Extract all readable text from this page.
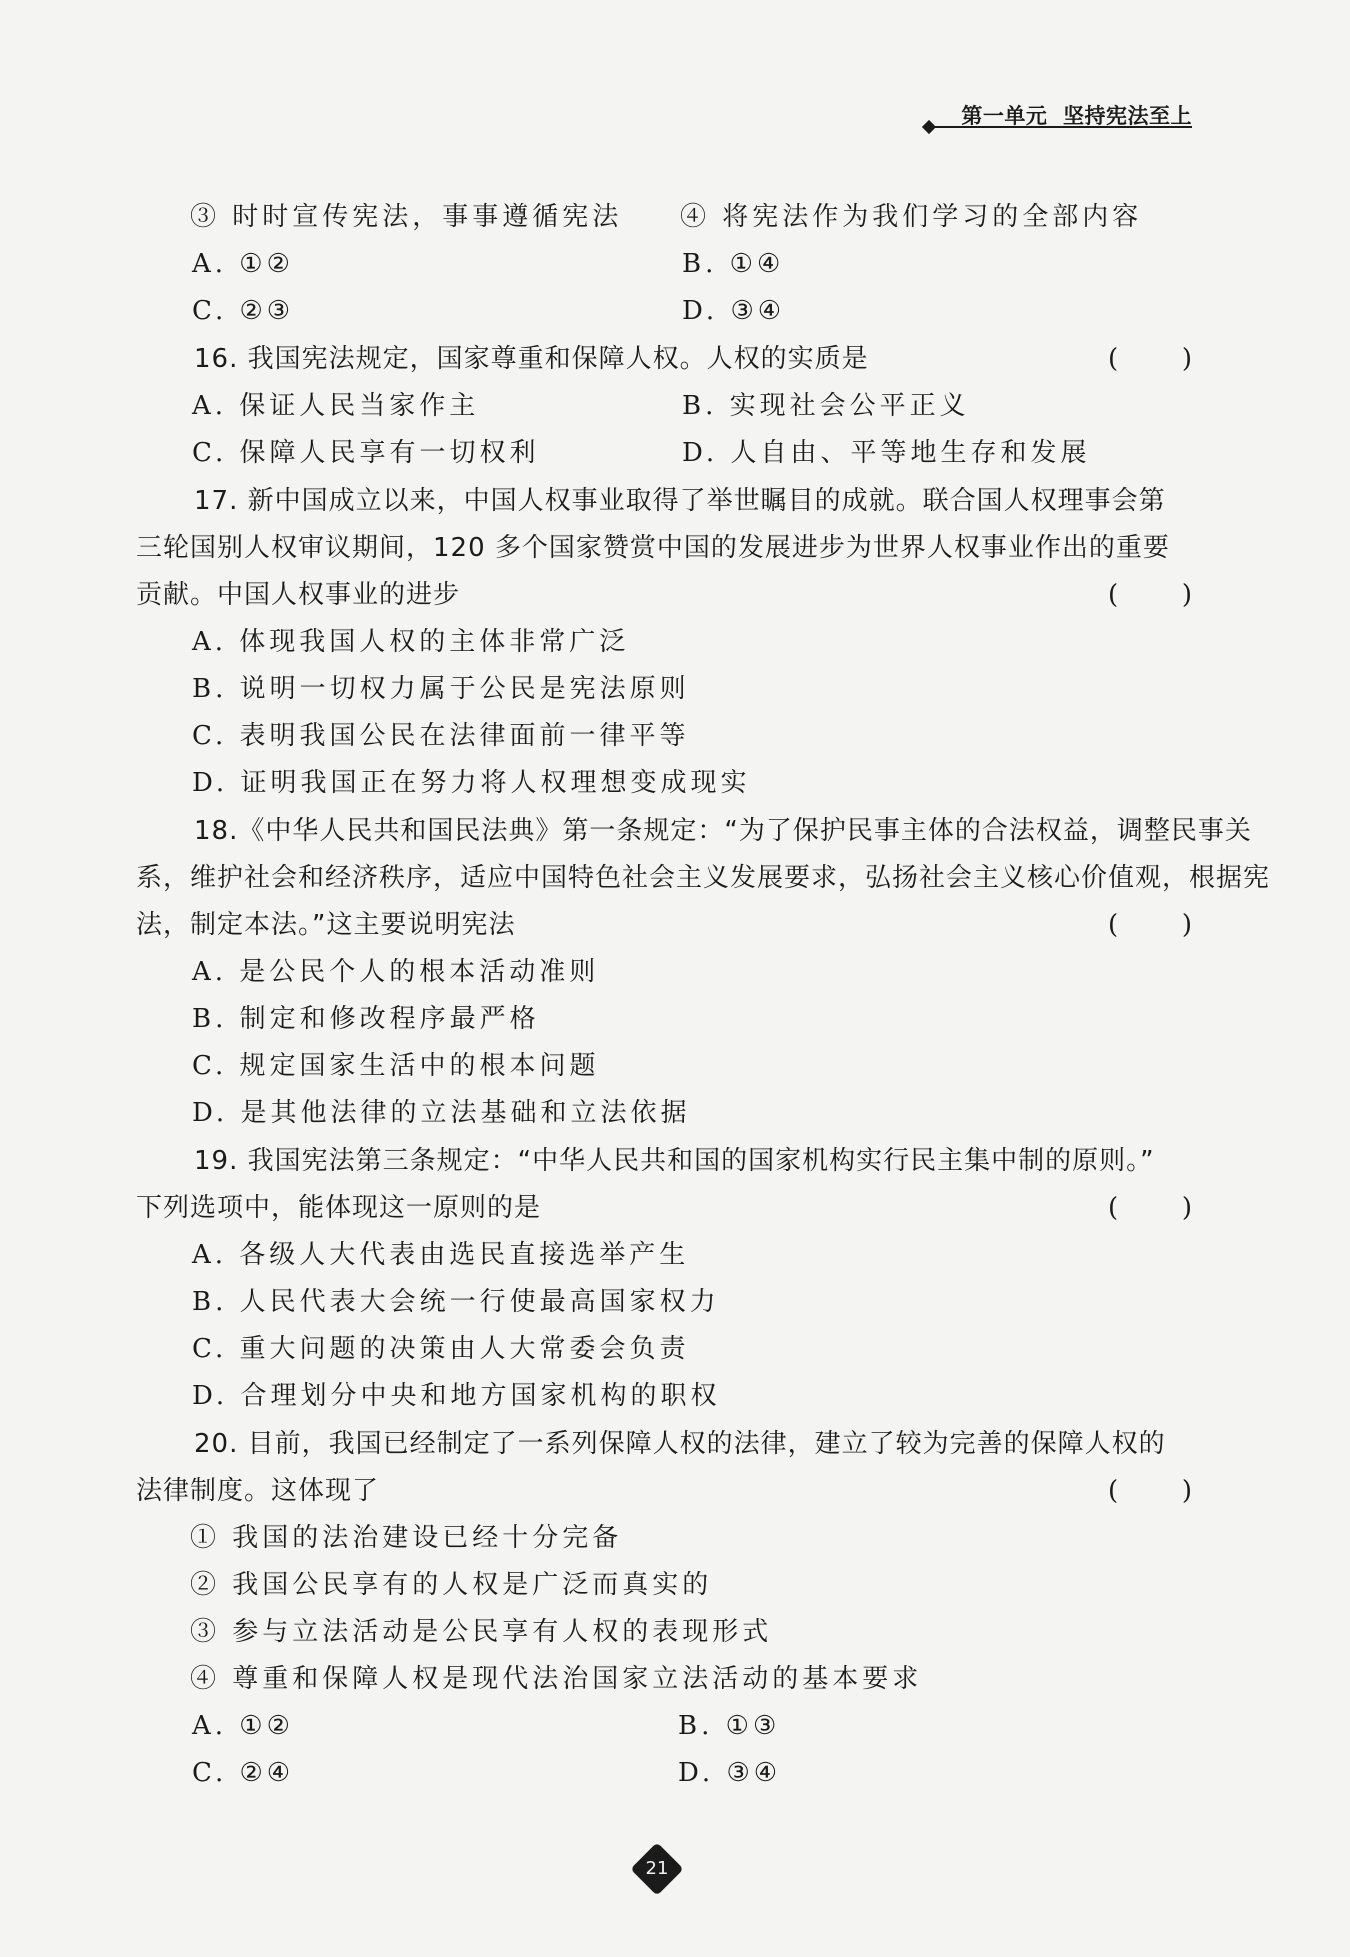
第一单元  坚持宪法至上
③ 时时宣传宪法，事事遵循宪法 ④ 将宪法作为我们学习的全部内容
A. ①②	B. ①④
C. ②③	D. ③④
16. 我国宪法规定，国家尊重和保障人权。人权的实质是	( )
A. 保证人民当家作主	B. 实现社会公平正义
C. 保障人民享有一切权利	D. 人自由、平等地生存和发展
17. 新中国成立以来，中国人权事业取得了举世瞩目的成就。联合国人权理事会第
三轮国别人权审议期间，120 多个国家赞赏中国的发展进步为世界人权事业作出的重要
贡献。中国人权事业的进步	( )
A. 体现我国人权的主体非常广泛
B. 说明一切权力属于公民是宪法原则
C. 表明我国公民在法律面前一律平等
D. 证明我国正在努力将人权理想变成现实
18.《中华人民共和国民法典》第一条规定：“为了保护民事主体的合法权益，调整民事关
系，维护社会和经济秩序，适应中国特色社会主义发展要求，弘扬社会主义核心价值观，根据宪
法，制定本法。”这主要说明宪法	( )
A. 是公民个人的根本活动准则
B. 制定和修改程序最严格
C. 规定国家生活中的根本问题
D. 是其他法律的立法基础和立法依据
19. 我国宪法第三条规定：“中华人民共和国的国家机构实行民主集中制的原则。”
下列选项中，能体现这一原则的是	( )
A. 各级人大代表由选民直接选举产生
B. 人民代表大会统一行使最高国家权力
C. 重大问题的决策由人大常委会负责
D. 合理划分中央和地方国家机构的职权
20. 目前，我国已经制定了一系列保障人权的法律，建立了较为完善的保障人权的
法律制度。这体现了	( )
① 我国的法治建设已经十分完备
② 我国公民享有的人权是广泛而真实的
③ 参与立法活动是公民享有人权的表现形式
④ 尊重和保障人权是现代法治国家立法活动的基本要求
A. ①②	B. ①③
C. ②④	D. ③④
21
